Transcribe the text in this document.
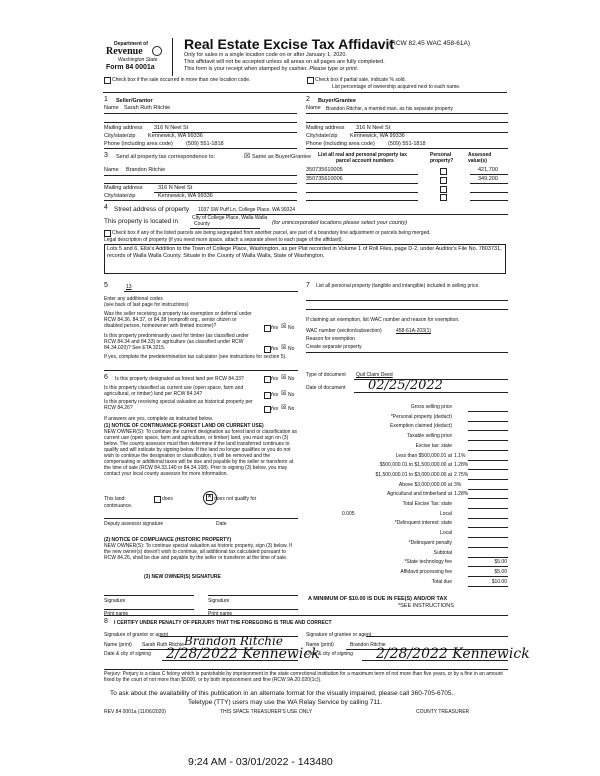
Department of
Revenue
Washington State
Form 84 0001a
Real Estate Excise Tax Affidavit
(RCW 82.45 WAC 458-61A)
Only for sales in a single location code on or after January 1, 2020.
This affidavit will not be accepted unless all areas on all pages are fully completed.
This form is your receipt when stamped by cashier. Please type or print.
Check box if the sale occurred in more than one location code.	Check box if partial sale, indicate % sold.
List percentage of ownership acquired next to each name.
1 Seller/Grantor
Name Sarah Ruth Ritchie
Mailing address 316 N Neel St
City/state/zip Kennewick, WA 99336
Phone (including area code) (509) 551-1818
2 Buyer/Grantee
Name Brandon Ritchie, a married man, as his separate property
Mailing address 316 N Neel St
City/state/zip Kennewick, WA 99336
Phone (including area code) (509) 551-1818
3 Send all property tax correspondence to:	☒ Same as Buyer/Grantee
Name Brandon Ritchie
Mailing address	316 N Neel St
City/state/zip	Kennewick, WA 99336
List all real and personal property tax
parcel account numbers
Personal
property?
Assessed
value(s)
350735610005	421,700
350735610006	349,200
4 Street address of property 1037 SW Puff Ln, College Place, WA 99324
This property is located in	City of College Place, Walla Walla
County	(for unincorporated locations please select your county)
Check box if any of the listed parcels are being segregated from another parcel, are part of a boundary line adjustment or parcels being merged.
Legal description of property (if you need more space, attach a separate sheet to each page of the affidavit).
Lots 5 and 6, Ellis's Addition to the Town of College Place, Washington, as per Plat recorded in Volume 1 of Roll Files, page D-2, under Auditor's File No. 7803731, records of Walla Walla County. Situate in the County of Walla Walla, State of Washington.
5	13
Enter any additional codes
(see back of last page for instructions)
Was the seller receiving a property tax exemption or deferral under RCW 84.36, 84.37, or 84.38 (nonprofit org., senior citizen or disabled person, homeowner with limited income)?	Yes ☒ No
Is this property predominantly used for timber (as classified under RCW 84.34 and 84.33) or agriculture (as classified under RCW 84.34.020)? See ETA 3215.	Yes ☒ No
If yes, complete the predetermination tax calculator (see instructions for section 5).
6 Is this property designated as forest land per RCW 84.33?	Yes ☒ No
Is this property classified as current use (open space, farm and agricultural, or timber) land per RCW 84.34?	Yes ☒ No
Is this property receiving special valuation as historical property per RCW 84.26?	Yes ☒ No
If answers are yes, complete as instructed below.
(1) NOTICE OF CONTINUANCE (FOREST LAND OR CURRENT USE)
NEW OWNER(S): To continue the current designation as forest land or classification as current use (open space, farm and agriculture, or timber) land, you must sign on (3) below. The county assessor must then determine if the land transferred continues to qualify and will indicate by signing below. If the land no longer qualifies or you do not wish to continue the designation or classification, it will be removed and the compensating or additional taxes will be due and payable by the seller or transferor at the time of sale (RCW 84.33.140 or 84.34.108). Prior to signing (3) below, you may contact your local county assessor for more information.
This land:	does	× does not qualify for
continuance.
Deputy assessor signature	Date
(2) NOTICE OF COMPLIANCE (HISTORIC PROPERTY)
NEW OWNER(S): To continue special valuation as historic property, sign (3) below. If the new owner(s) doesn't wish to continue, all additional tax calculated pursuant to RCW 84.26, shall be due and payable by the seller or transferor at the time of sale.
(3) NEW OWNER(S) SIGNATURE
Signature	Signature
Print name	Print name
7 List all personal property (tangible and intangible) included in selling price.
If claiming an exemption, list WAC number and reason for exemption.
WAC number (section/subsection)	458-61A-203(1)
Reason for exemption
Create separate property
Type of document Quit Claim Deed
Date of document 02/25/2022
A MINIMUM OF $10.00 IS DUE IN FEE(S) AND/OR TAX
*SEE INSTRUCTIONS
8 I CERTIFY UNDER PENALTY OF PERJURY THAT THE FOREGOING IS TRUE AND CORRECT
Signature of grantor or agent	Signature of grantee or agent
Name (print) Sarah Ruth Ritchie Brandon Ritchie	Name (print)	Brandon Ritchie
Date & city of signing 2/28/2022 Kennewick
Date & city of signing 2/28/2022 Kennewick
Perjury: Perjury is a class C felony which is punishable by imprisonment in the state correctional institution for a maximum term of not more than five years, or by a fine in an amount fixed by the court of not more than $5000, or by both imprisonment and fine (RCW 9A.20.020(1c)).
To ask about the availability of this publication in an alternate format for the visually impaired, please call 360-705-6705.
Teletype (TTY) users may use the WA Relay Service by calling 711.
REV 84 0001a (11/06/2020)	THIS SPACE TREASURER'S USE ONLY	COUNTY TREASURER
9:24 AM - 03/01/2022 - 143480
Gross selling price
*Personal property (deduct)
Exemption claimed (deduct)
Taxable selling price
Excise tax: state
Less than $500,000.01 at 1.1%
$500,000.01 to $1,500,000.00 at 1.28%
$1,500,000.01 to $3,000,000.00 at 2.75%
Above $3,000,000.00 at 3%
Agricultural and timberland at 1.28%
Total Excise Tax: state
0.005	Local
*Delinquent interest: state
Local
*Delinquent penalty
Subtotal
*State technology fee	$5.00
Affidavit processing fee	$5.00
Total due	$10.00
